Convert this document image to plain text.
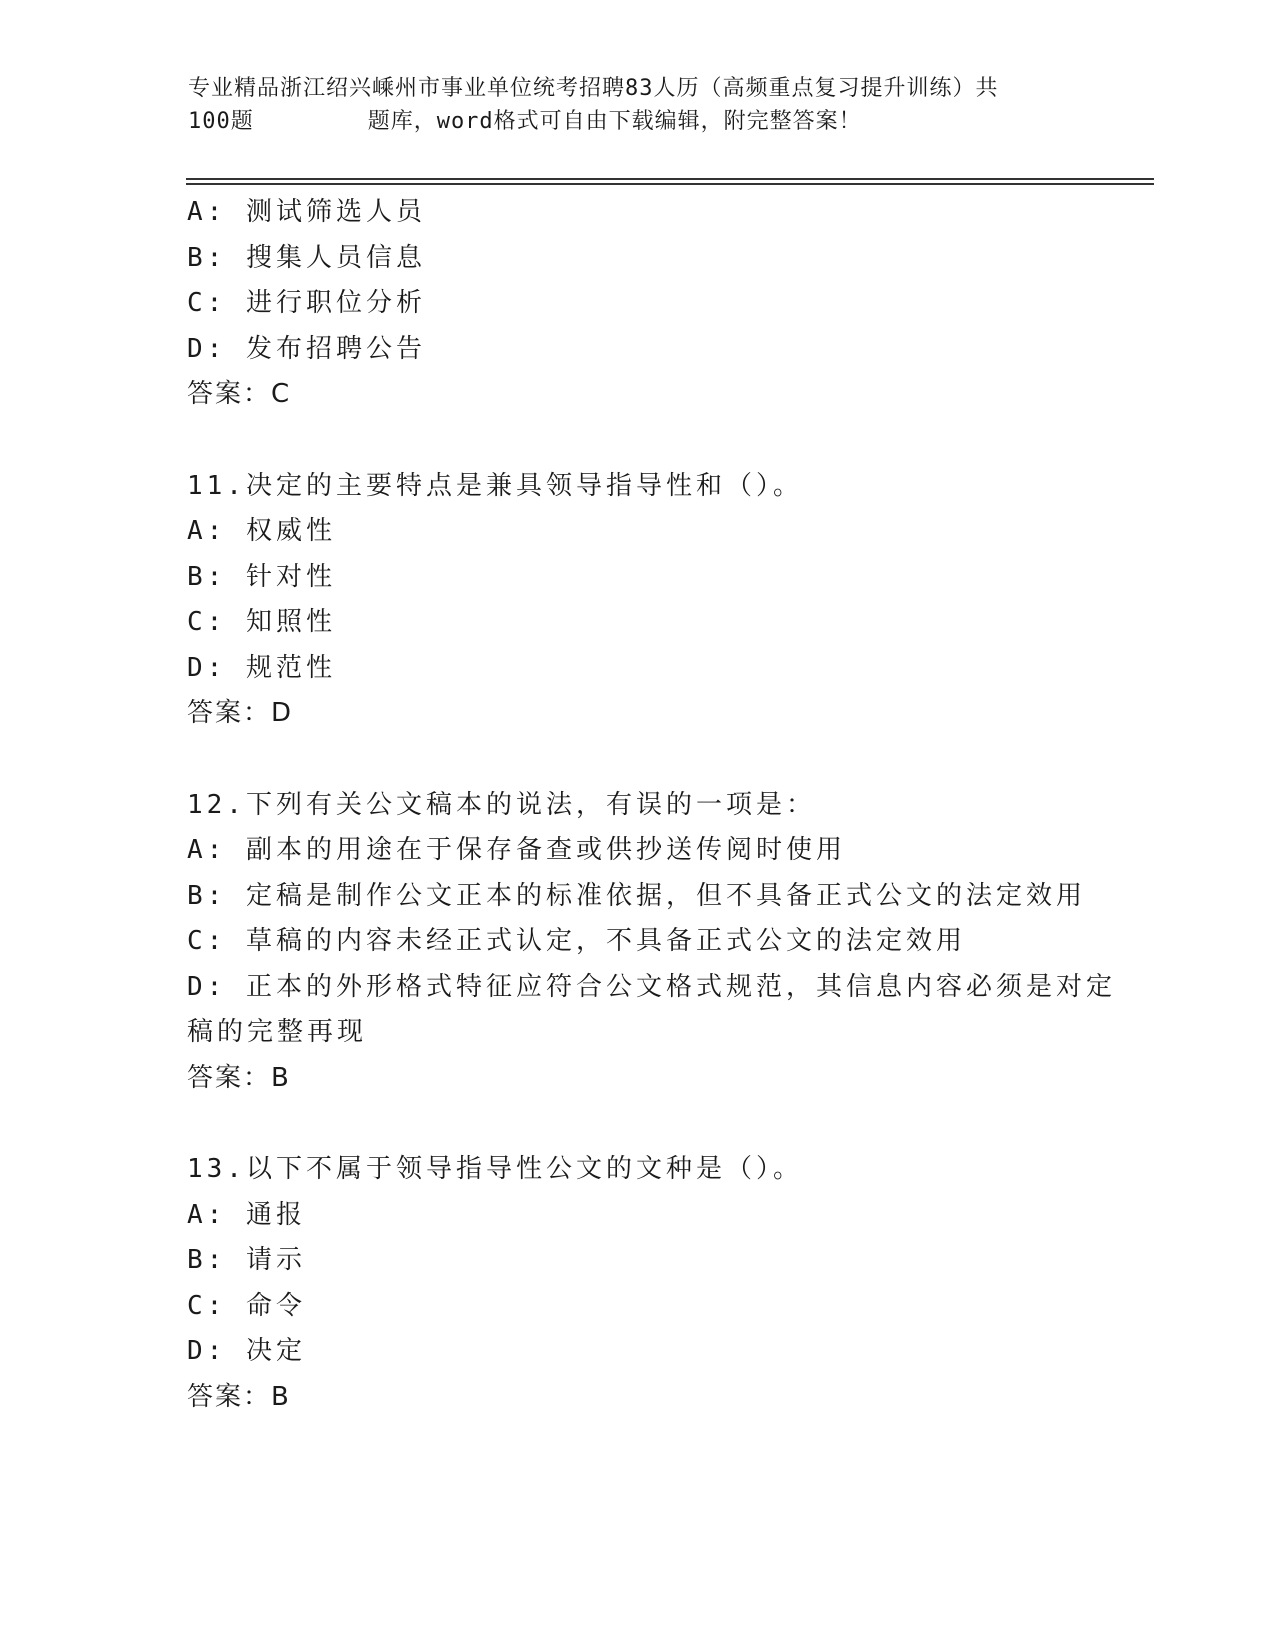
专业精品浙江绍兴嵊州市事业单位统考招聘83人历（高频重点复习提升训练）共
100题        题库，word格式可自由下载编辑，附完整答案！
A: 测试筛选人员
B: 搜集人员信息
C: 进行职位分析
D: 发布招聘公告
答案：C
11.决定的主要特点是兼具领导指导性和（）。
A: 权威性
B: 针对性
C: 知照性
D: 规范性
答案：D
12.下列有关公文稿本的说法，有误的一项是：
A: 副本的用途在于保存备查或供抄送传阅时使用
B: 定稿是制作公文正本的标准依据，但不具备正式公文的法定效用
C: 草稿的内容未经正式认定，不具备正式公文的法定效用
D: 正本的外形格式特征应符合公文格式规范，其信息内容必须是对定
稿的完整再现
答案：B
13.以下不属于领导指导性公文的文种是（）。
A: 通报
B: 请示
C: 命令
D: 决定
答案：B
